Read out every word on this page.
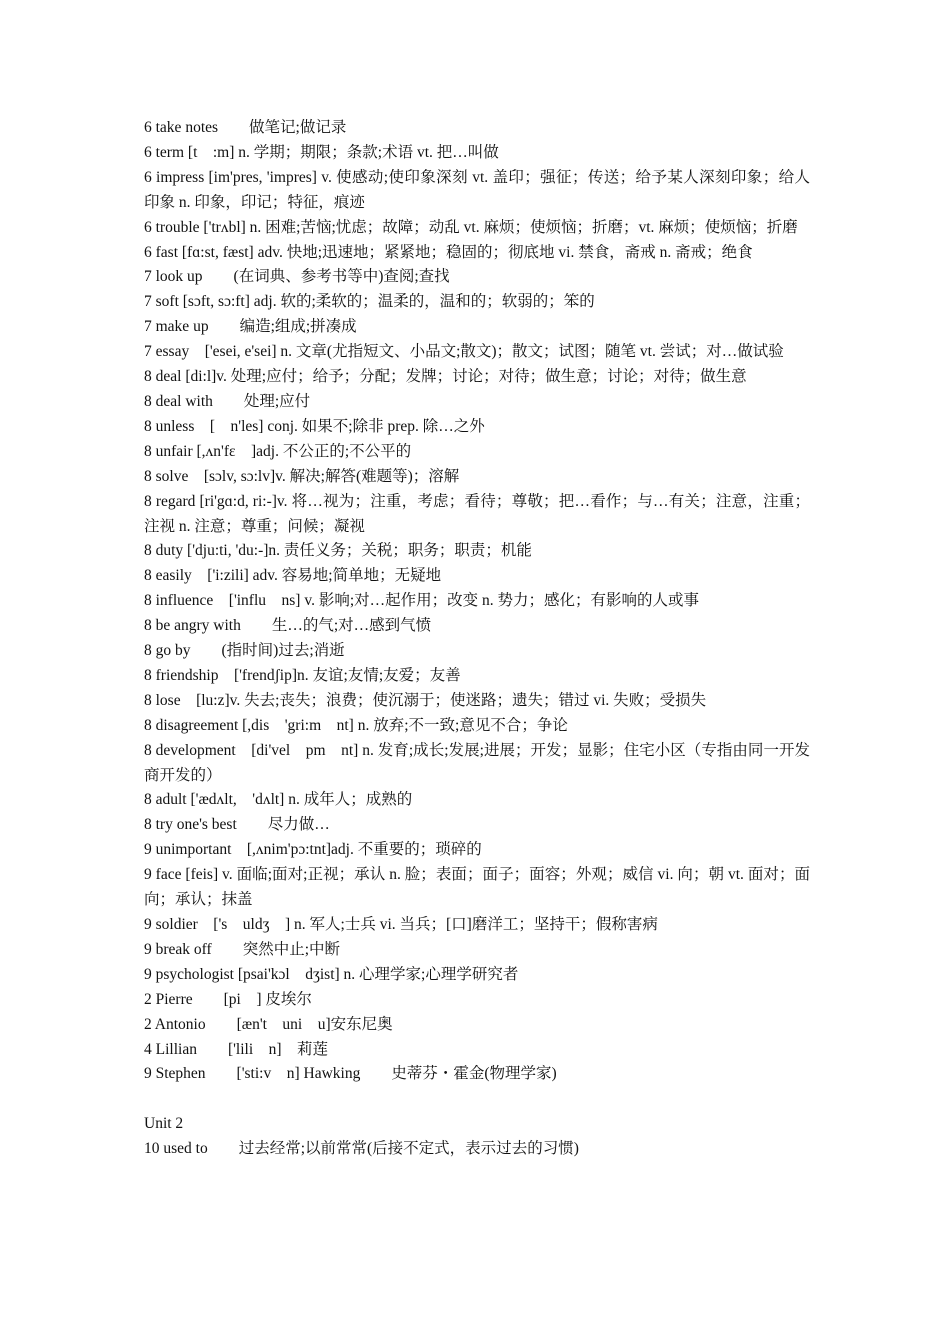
6 take notes　　做笔记;做记录

6 term [t　:m] n. 学期；期限；条款;术语 vt. 把…叫做

6 impress [im'pres, 'impres] v. 使感动;使印象深刻 vt. 盖印；强征；传送；给予某人深刻印象；给人印象 n. 印象，印记；特征，痕迹

6 trouble ['trʌbl] n. 困难;苦恼;忧虑；故障；动乱 vt. 麻烦；使烦恼；折磨；vt. 麻烦；使烦恼；折磨

6 fast [fɑ:st, fæst] adv. 快地;迅速地；紧紧地；稳固的；彻底地 vi. 禁食，斋戒 n. 斋戒；绝食

7 look up　　(在词典、参考书等中)查阅;查找

7 soft [sɔft, sɔ:ft] adj. 软的;柔软的；温柔的，温和的；软弱的；笨的

7 make up　　编造;组成;拼凑成

7 essay　['esei, e'sei] n. 文章(尤指短文、小品文;散文)；散文；试图；随笔 vt. 尝试；对…做试验

8 deal [di:l]v. 处理;应付；给予；分配；发牌；讨论；对待；做生意；讨论；对待；做生意

8 deal with　　处理;应付

8 unless　[　n'les] conj. 如果不;除非 prep. 除…之外

8 unfair [,ʌn'fɛ　]adj. 不公正的;不公平的

8 solve　[sɔlv, sɔ:lv]v. 解决;解答(难题等)；溶解

8 regard [ri'gɑ:d, ri:-]v. 将…视为；注重，考虑；看待；尊敬；把…看作；与…有关；注意，注重；注视 n. 注意；尊重；问候；凝视

8 duty ['dju:ti, 'du:-]n. 责任义务；关税；职务；职责；机能

8 easily　['i:zili] adv. 容易地;简单地；无疑地

8 influence　['influ　ns] v. 影响;对…起作用；改变 n. 势力；感化；有影响的人或事

8 be angry with　　生…的气;对…感到气愤

8 go by　　(指时间)过去;消逝

8 friendship　['frendʃip]n. 友谊;友情;友爱；友善

8 lose　[lu:z]v. 失去;丧失；浪费；使沉溺于；使迷路；遗失；错过 vi. 失败；受损失

8 disagreement [,dis　'gri:m　nt] n. 放弃;不一致;意见不合；争论

8 development　[di'vel　pm　nt] n. 发育;成长;发展;进展；开发；显影；住宅小区（专指由同一开发商开发的）

8 adult ['ædʌlt,　'dʌlt] n. 成年人；成熟的

8 try one's best　　尽力做…

9 unimportant　[,ʌnim'pɔ:tnt]adj. 不重要的；琐碎的

9 face [feis] v. 面临;面对;正视；承认 n. 脸；表面；面子；面容；外观；威信 vi. 向；朝 vt. 面对；面向；承认；抹盖

9 soldier　['s　uldʒ　] n. 军人;士兵 vi. 当兵；[口]磨洋工；坚持干；假称害病

9 break off　　突然中止;中断

9 psychologist [psai'kɔl　dʒist] n. 心理学家;心理学研究者

2 Pierre　　[pi　] 皮埃尔

2 Antonio　　[æn't　uni　u]安东尼奥

4 Lillian　　['lili　n]　莉莲

9 Stephen　　['sti:v　n] Hawking　　史蒂芬・霍金(物理学家)

Unit 2

10 used to　　过去经常;以前常常(后接不定式，表示过去的习惯)
